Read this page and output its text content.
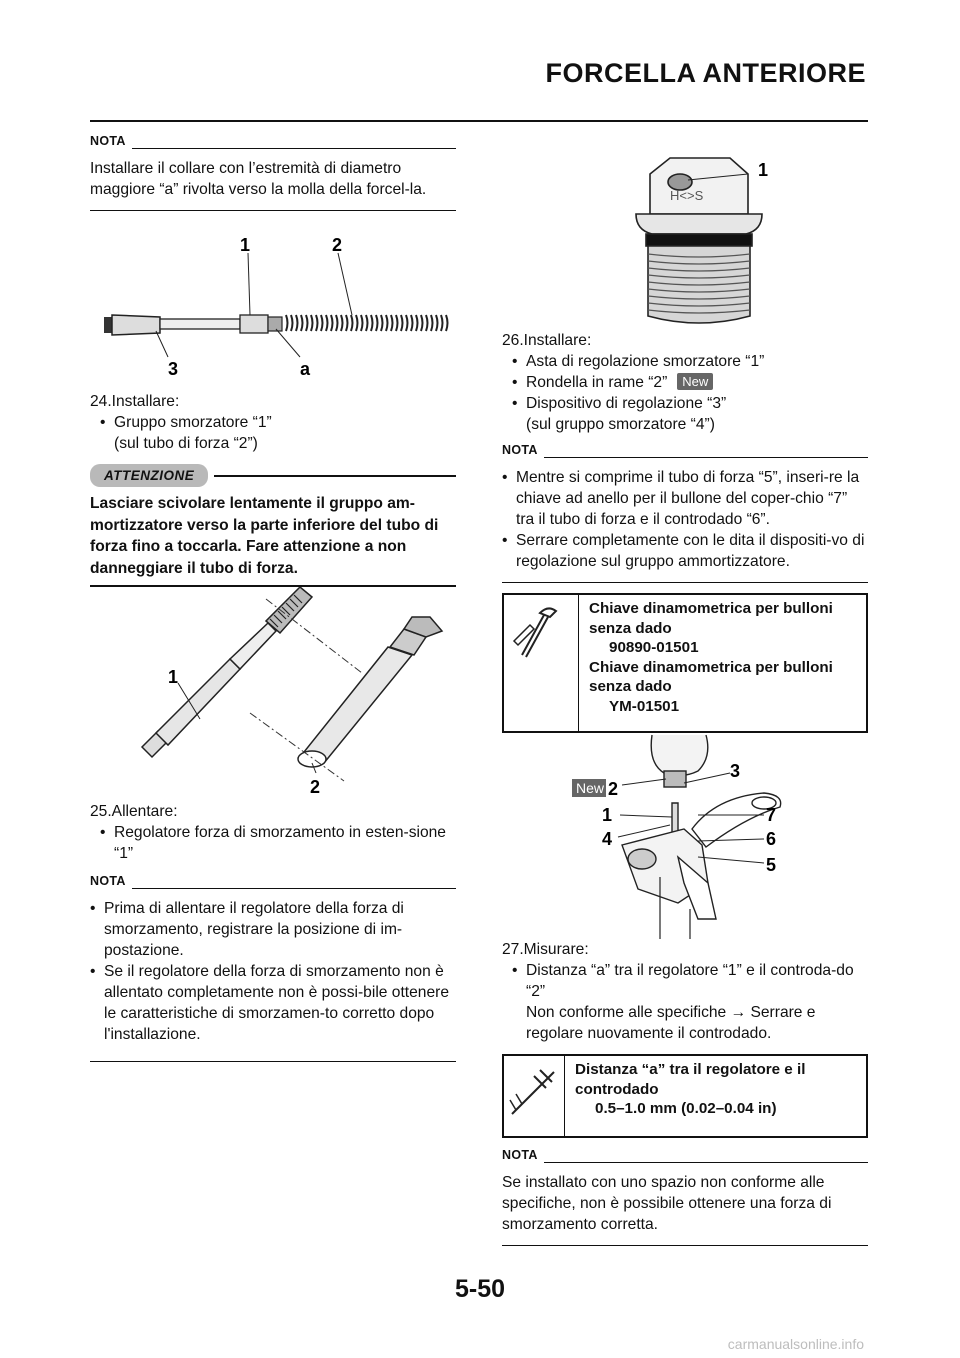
FORCELLA ANTERIORE
NOTA

Installare il collare con l’estremità di diametro maggiore “a” rivolta verso la molla della forcel-la.

1	2
3	a

24.Installare:

• Gruppo smorzatore “1”

(sul tubo di forza “2”)

ATTENZIONE

Lasciare scivolare lentamente il gruppo am-mortizzatore verso la parte inferiore del tubo di forza fino a toccarla. Fare attenzione a non danneggiare il tubo di forza.

1
2

25.Allentare:

• Regolatore forza di smorzamento in esten-sione “1”
NOTA
• Prima di allentare il regolatore della forza di smorzamento, registrare la posizione di im-postazione.
• Se il regolatore della forza di smorzamento non è allentato completamente non è possi-bile ottenere le caratteristiche di smorzamen-to corretto dopo l'installazione.
H<>S
1

26.Installare:

• Asta di regolazione smorzatore “1”
• Rondella in rame “2” New
• Dispositivo di regolazione “3”

(sul gruppo smorzatore “4”)

NOTA
• Mentre si comprime il tubo di forza “5”, inseri-re la chiave ad anello per il bullone del coper-chio “7” tra il tubo di forza e il controdado “6”.
• Serrare completamente con le dita il dispositi-vo di regolazione sul gruppo ammortizzatore.
Chiave dinamometrica per bulloni senza dado
90890-01501
Chiave dinamometrica per bulloni senza dado
YM-01501
New 2
3
1	7
4	6
5

27.Misurare:

• Distanza “a” tra il regolatore “1” e il controda-do “2”

Non conforme alle specifiche → Serrare e regolare nuovamente il controdado.

Distanza “a” tra il regolatore e il controdado
0.5–1.0 mm (0.02–0.04 in)
NOTA

Se installato con uno spazio non conforme alle specifiche, non è possibile ottenere una forza di smorzamento corretta.

5-50
carmanualsonline.info
